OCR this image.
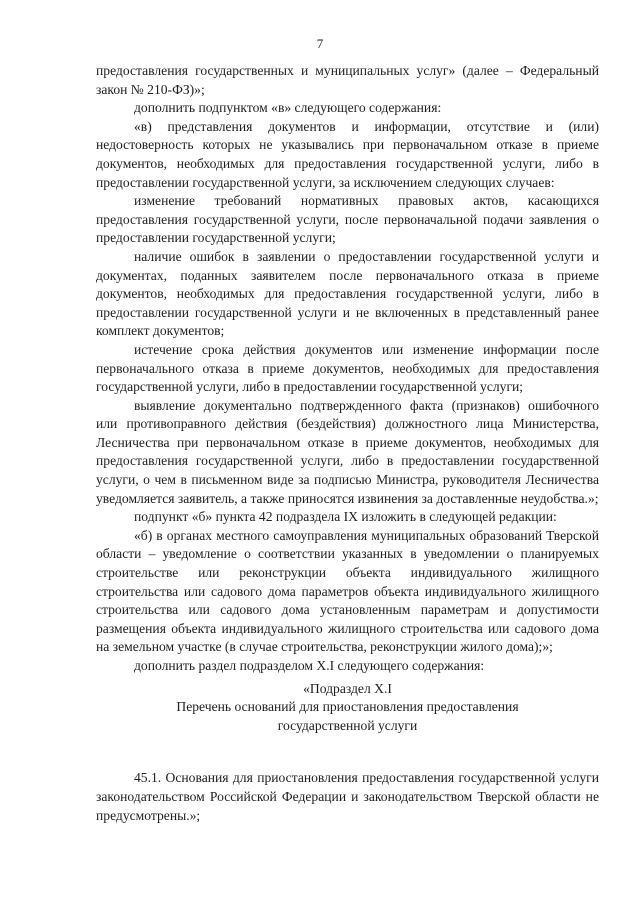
7

предоставления государственных и муниципальных услуг» (далее – Федеральный закон № 210-ФЗ)»;

дополнить подпунктом «в» следующего содержания:

«в) представления документов и информации, отсутствие и (или) недостоверность которых не указывались при первоначальном отказе в приеме документов, необходимых для предоставления государственной услуги, либо в предоставлении государственной услуги, за исключением следующих случаев:

изменение требований нормативных правовых актов, касающихся предоставления государственной услуги, после первоначальной подачи заявления о предоставлении государственной услуги;

наличие ошибок в заявлении о предоставлении государственной услуги и документах, поданных заявителем после первоначального отказа в приеме документов, необходимых для предоставления государственной услуги, либо в предоставлении государственной услуги и не включенных в представленный ранее комплект документов;

истечение срока действия документов или изменение информации после первоначального отказа в приеме документов, необходимых для предоставления государственной услуги, либо в предоставлении государственной услуги;

выявление документально подтвержденного факта (признаков) ошибочного или противоправного действия (бездействия) должностного лица Министерства, Лесничества при первоначальном отказе в приеме документов, необходимых для предоставления государственной услуги, либо в предоставлении государственной услуги, о чем в письменном виде за подписью Министра, руководителя Лесничества уведомляется заявитель, а также приносятся извинения за доставленные неудобства.»;

подпункт «б» пункта 42 подраздела IX изложить в следующей редакции:

«б) в органах местного самоуправления муниципальных образований Тверской области – уведомление о соответствии указанных в уведомлении о планируемых строительстве или реконструкции объекта индивидуального жилищного строительства или садового дома параметров объекта индивидуального жилищного строительства или садового дома установленным параметрам и допустимости размещения объекта индивидуального жилищного строительства или садового дома на земельном участке (в случае строительства, реконструкции жилого дома);»;

дополнить раздел подразделом X.I следующего содержания:

«Подраздел X.I

Перечень оснований для приостановления предоставления государственной услуги

45.1. Основания для приостановления предоставления государственной услуги законодательством Российской Федерации и законодательством Тверской области не предусмотрены.»;
